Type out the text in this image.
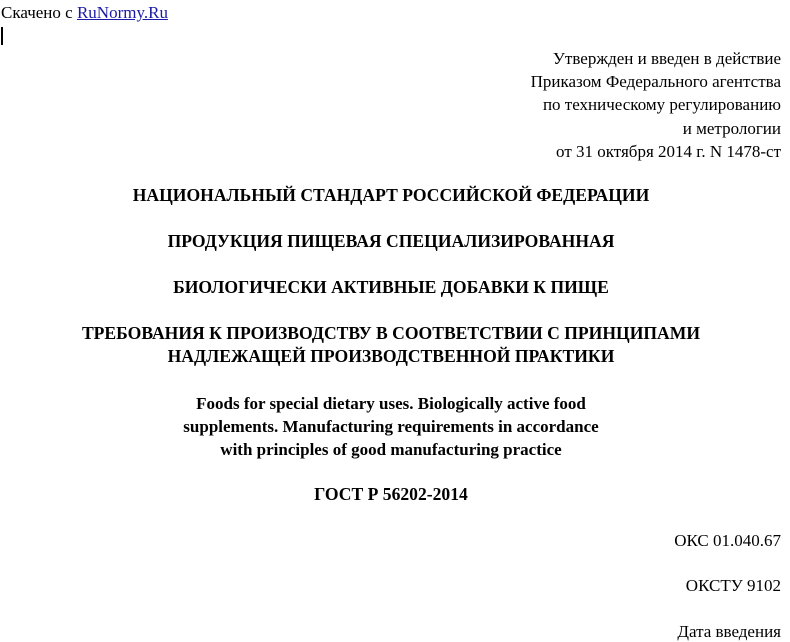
Скачено с RuNormy.Ru
Утвержден и введен в действие
Приказом Федерального агентства
по техническому регулированию
и метрологии
от 31 октября 2014 г. N 1478-ст
НАЦИОНАЛЬНЫЙ СТАНДАРТ РОССИЙСКОЙ ФЕДЕРАЦИИ
ПРОДУКЦИЯ ПИЩЕВАЯ СПЕЦИАЛИЗИРОВАННАЯ
БИОЛОГИЧЕСКИ АКТИВНЫЕ ДОБАВКИ К ПИЩЕ
ТРЕБОВАНИЯ К ПРОИЗВОДСТВУ В СООТВЕТСТВИИ С ПРИНЦИПАМИ
НАДЛЕЖАЩЕЙ ПРОИЗВОДСТВЕННОЙ ПРАКТИКИ
Foods for special dietary uses. Biologically active food
supplements. Manufacturing requirements in accordance
with principles of good manufacturing practice
ГОСТ Р 56202-2014
ОКС 01.040.67
ОКСТУ 9102
Дата введения
